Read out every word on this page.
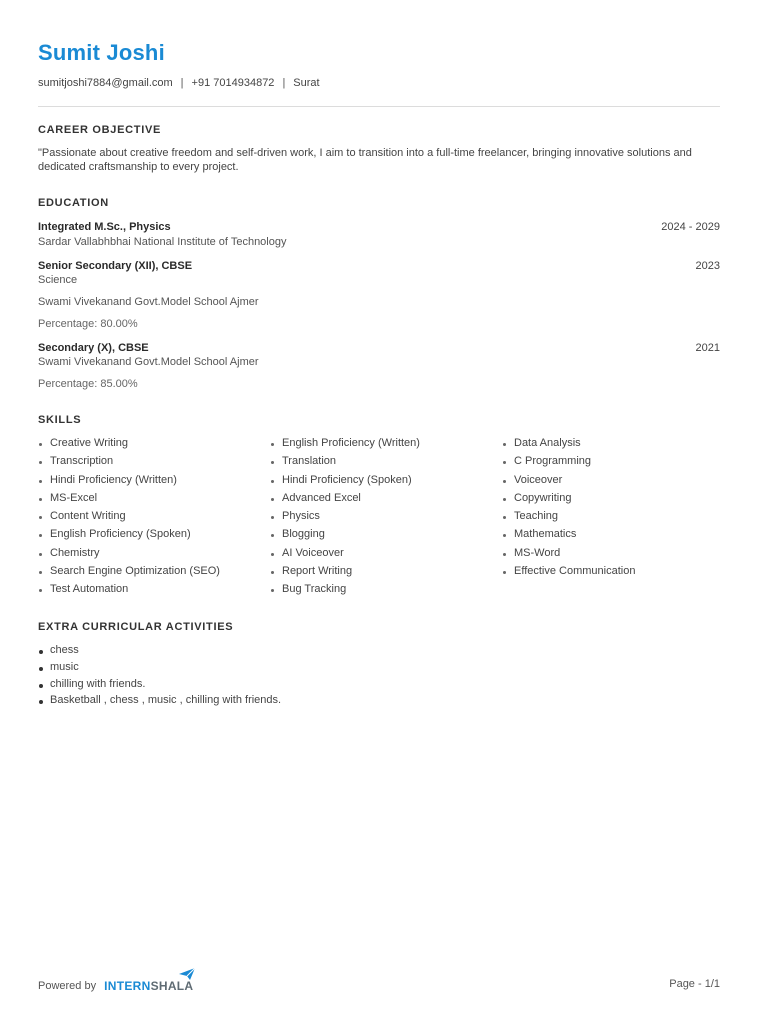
Sumit Joshi
sumitjoshi7884@gmail.com | +91 7014934872 | Surat
CAREER OBJECTIVE
"Passionate about creative freedom and self-driven work, I aim to transition into a full-time freelancer, bringing innovative solutions and dedicated craftsmanship to every project.
EDUCATION
Integrated M.Sc., Physics	2024 - 2029
Sardar Vallabhbhai National Institute of Technology
Senior Secondary (XII), CBSE	2023
Science
Swami Vivekanand Govt.Model School Ajmer
Percentage: 80.00%
Secondary (X), CBSE	2021
Swami Vivekanand Govt.Model School Ajmer
Percentage: 85.00%
SKILLS
Creative Writing
Transcription
Hindi Proficiency (Written)
MS-Excel
Content Writing
English Proficiency (Spoken)
Chemistry
Search Engine Optimization (SEO)
Test Automation
English Proficiency (Written)
Translation
Hindi Proficiency (Spoken)
Advanced Excel
Physics
Blogging
AI Voiceover
Report Writing
Bug Tracking
Data Analysis
C Programming
Voiceover
Copywriting
Teaching
Mathematics
MS-Word
Effective Communication
EXTRA CURRICULAR ACTIVITIES
chess
music
chilling with friends.
Basketball , chess , music , chilling with friends.
Powered by INTERNSHALA	Page - 1/1
